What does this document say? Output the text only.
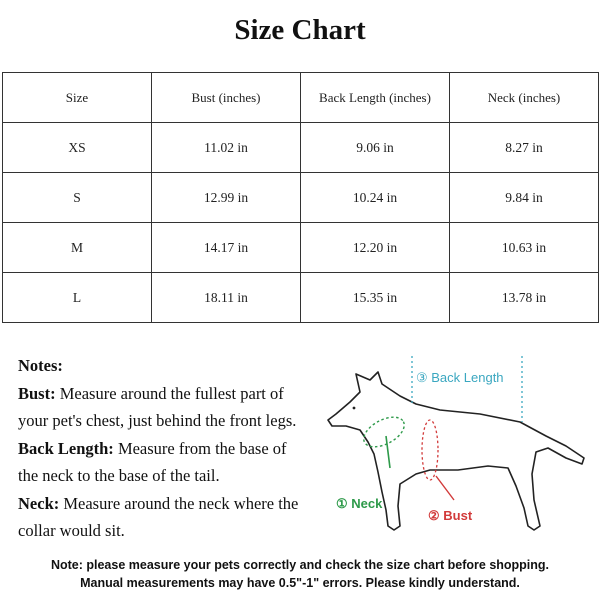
Size Chart
Size	Bust (inches)	Back Length (inches)	Neck (inches)
XS	11.02 in	9.06 in	8.27 in
S	12.99 in	10.24 in	9.84 in
M	14.17 in	12.20 in	10.63 in
L	18.11 in	15.35 in	13.78 in
Notes:
Bust: Measure around the fullest part of
your pet's chest, just behind the front legs.
Back Length: Measure from the base of
the neck to the base of the tail.
Neck: Measure around the neck where the
collar would sit.
③ Back Length
① Neck
② Bust
Note: please measure your pets correctly and check the size chart before shopping.
Manual measurements may have 0.5"-1" errors. Please kindly understand.
